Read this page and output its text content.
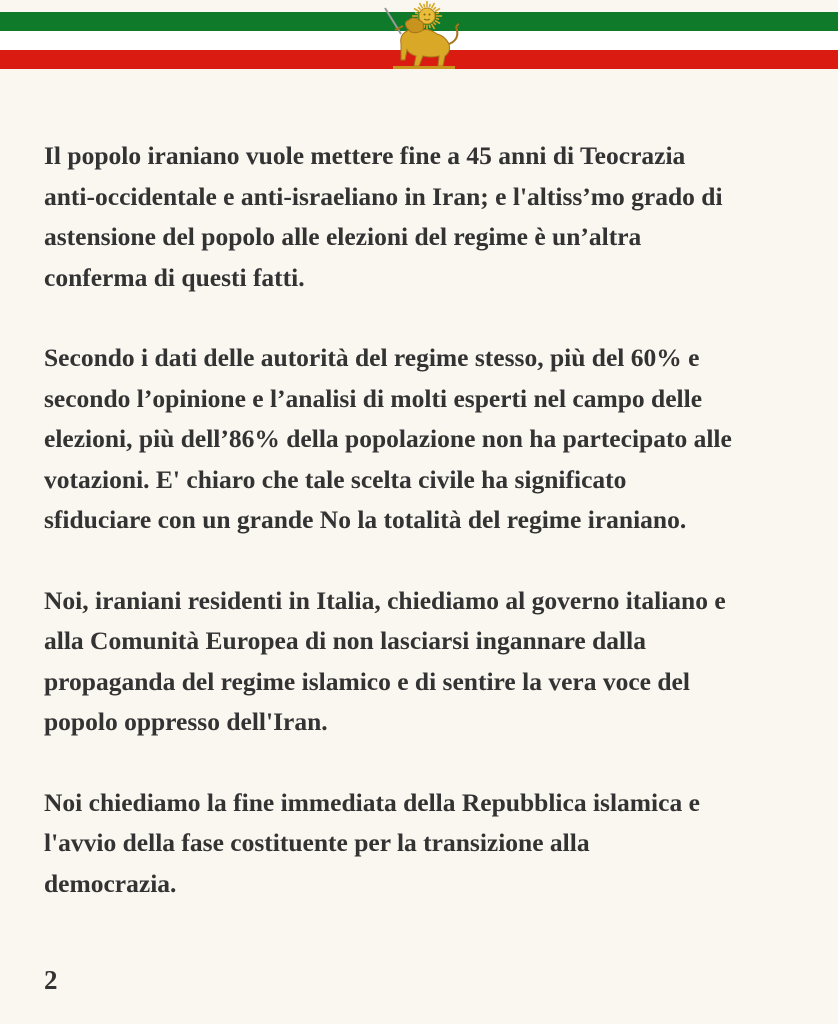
Il popolo iraniano vuole mettere fine a 45 anni di Teocrazia
anti-occidentale e anti-israeliano in Iran; e l'altiss’mo grado di
astensione del popolo alle elezioni del regime è un’altra
conferma di questi fatti.

Secondo i dati delle autorità del regime stesso, più del 60% e
secondo l’opinione e l’analisi di molti esperti nel campo delle
elezioni, più dell’86% della popolazione non ha partecipato alle
votazioni. E' chiaro che tale scelta civile ha significato
sfiduciare con un grande No la totalità del regime iraniano.

Noi, iraniani residenti in Italia, chiediamo al governo italiano e
alla Comunità Europea di non lasciarsi ingannare dalla
propaganda del regime islamico e di sentire la vera voce del
popolo oppresso dell'Iran.

Noi chiediamo la fine immediata della Repubblica islamica e
l'avvio della fase costituente per la transizione alla
democrazia.

2
